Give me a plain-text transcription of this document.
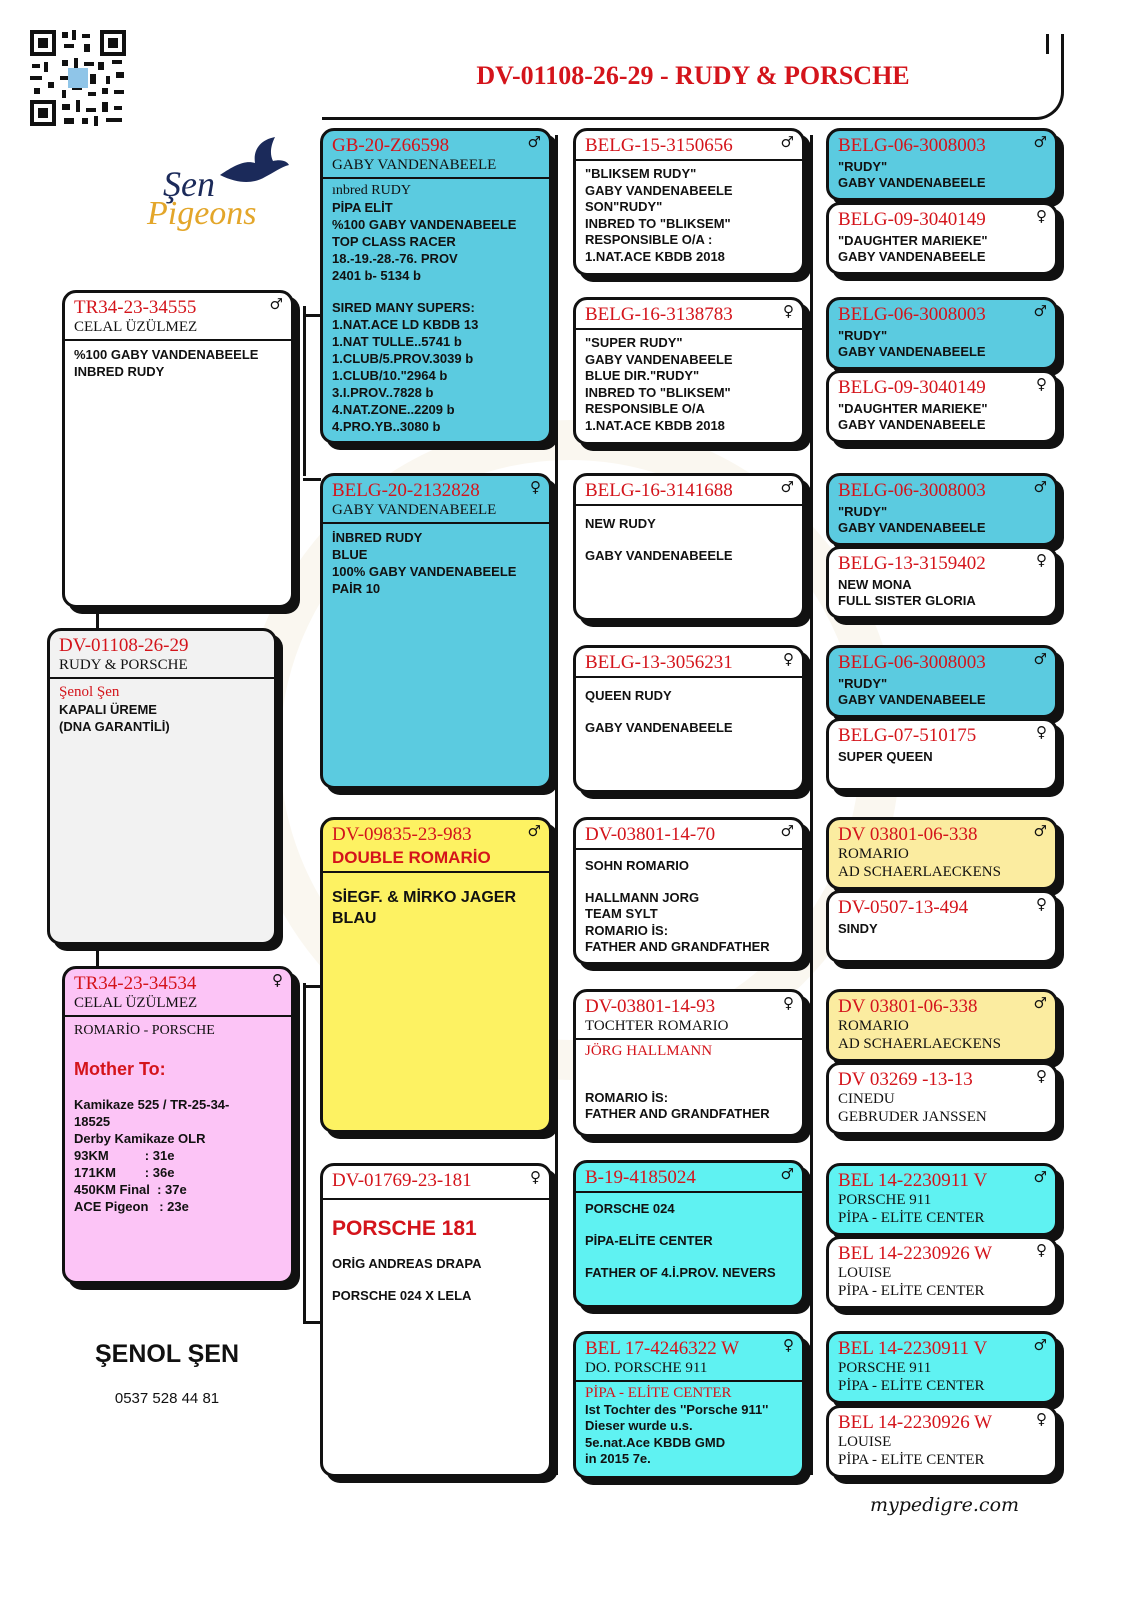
Şen
Pigeons
DV-01108-26-29 - RUDY & PORSCHE
DV-01108-26-29
RUDY & PORSCHE
Şenol Şen
KAPALI ÜREME
(DNA GARANTİLİ)
TR34-23-34555
CELAL ÜZÜLMEZ
♂
%100 GABY VANDENABEELE
INBRED RUDY
TR34-23-34534
CELAL ÜZÜLMEZ
♀
ROMARİO - PORSCHE
Mother To:
Kamikaze 525 / TR-25-34-
18525
Derby Kamikaze OLR
93KM          : 31e
171KM        : 36e
450KM Final  : 37e
ACE Pigeon   : 23e
ŞENOL ŞEN
0537 528 44 81
GB-20-Z66598
GABY VANDENABEELE
♂
ınbred RUDY
PİPA ELİT
%100 GABY VANDENABEELE
TOP CLASS RACER
18.-19.-28.-76. PROV
2401 b- 5134 b
SIRED MANY SUPERS:
1.NAT.ACE LD KBDB 13
1.NAT TULLE..5741 b
1.CLUB/5.PROV.3039 b
1.CLUB/10."2964 b
3.I.PROV..7828 b
4.NAT.ZONE..2209 b
4.PRO.YB..3080 b
BELG-20-2132828
GABY VANDENABEELE
♀
İNBRED RUDY
BLUE
100% GABY VANDENABEELE
PAİR 10
DV-09835-23-983
DOUBLE ROMARİO
♂
SİEGF. & MİRKO JAGER
BLAU
DV-01769-23-181	♀
PORSCHE 181
ORİG ANDREAS DRAPA
PORSCHE 024 X LELA
BELG-15-3150656	♂
"BLIKSEM RUDY"
GABY VANDENABEELE
SON"RUDY"
INBRED TO "BLIKSEM"
RESPONSIBLE O/A :
1.NAT.ACE KBDB 2018
BELG-16-3138783	♀
"SUPER RUDY"
GABY VANDENABEELE
BLUE DIR."RUDY"
INBRED TO "BLIKSEM"
RESPONSIBLE O/A
1.NAT.ACE KBDB 2018
BELG-16-3141688	♂
NEW RUDY
GABY VANDENABEELE
BELG-13-3056231	♀
QUEEN RUDY
GABY VANDENABEELE
DV-03801-14-70	♂
SOHN ROMARIO
HALLMANN JORG
TEAM SYLT
ROMARIO İS:
FATHER AND GRANDFATHER
DV-03801-14-93
TOCHTER ROMARIO
♀
JÖRG HALLMANN
ROMARIO İS:
FATHER AND GRANDFATHER
B-19-4185024	♂
PORSCHE 024
PİPA-ELİTE CENTER
FATHER OF 4.İ.PROV. NEVERS
BEL 17-4246322 W
DO. PORSCHE 911
♀
PİPA - ELİTE CENTER
Ist Tochter des ''Porsche 911''
Dieser wurde u.s.
5e.nat.Ace KBDB GMD
in 2015 7e.
BELG-06-3008003	♂
"RUDY"
GABY VANDENABEELE
BELG-09-3040149	♀
"DAUGHTER MARIEKE"
GABY VANDENABEELE
BELG-06-3008003	♂
"RUDY"
GABY VANDENABEELE
BELG-09-3040149	♀
"DAUGHTER MARIEKE"
GABY VANDENABEELE
BELG-06-3008003	♂
"RUDY"
GABY VANDENABEELE
BELG-13-3159402	♀
NEW MONA
FULL SISTER GLORIA
BELG-06-3008003	♂
"RUDY"
GABY VANDENABEELE
BELG-07-510175	♀
SUPER QUEEN
DV 03801-06-338	♂
ROMARIO
AD SCHAERLAECKENS
DV-0507-13-494	♀
SINDY
DV 03801-06-338	♂
ROMARIO
AD SCHAERLAECKENS
DV 03269 -13-13	♀
CINEDU
GEBRUDER JANSSEN
BEL 14-2230911 V	♂
PORSCHE 911
PİPA - ELİTE CENTER
BEL 14-2230926 W	♀
LOUISE
PİPA - ELİTE CENTER
BEL 14-2230911 V	♂
PORSCHE 911
PİPA - ELİTE CENTER
BEL 14-2230926 W	♀
LOUISE
PİPA - ELİTE CENTER
mypedigre.com
